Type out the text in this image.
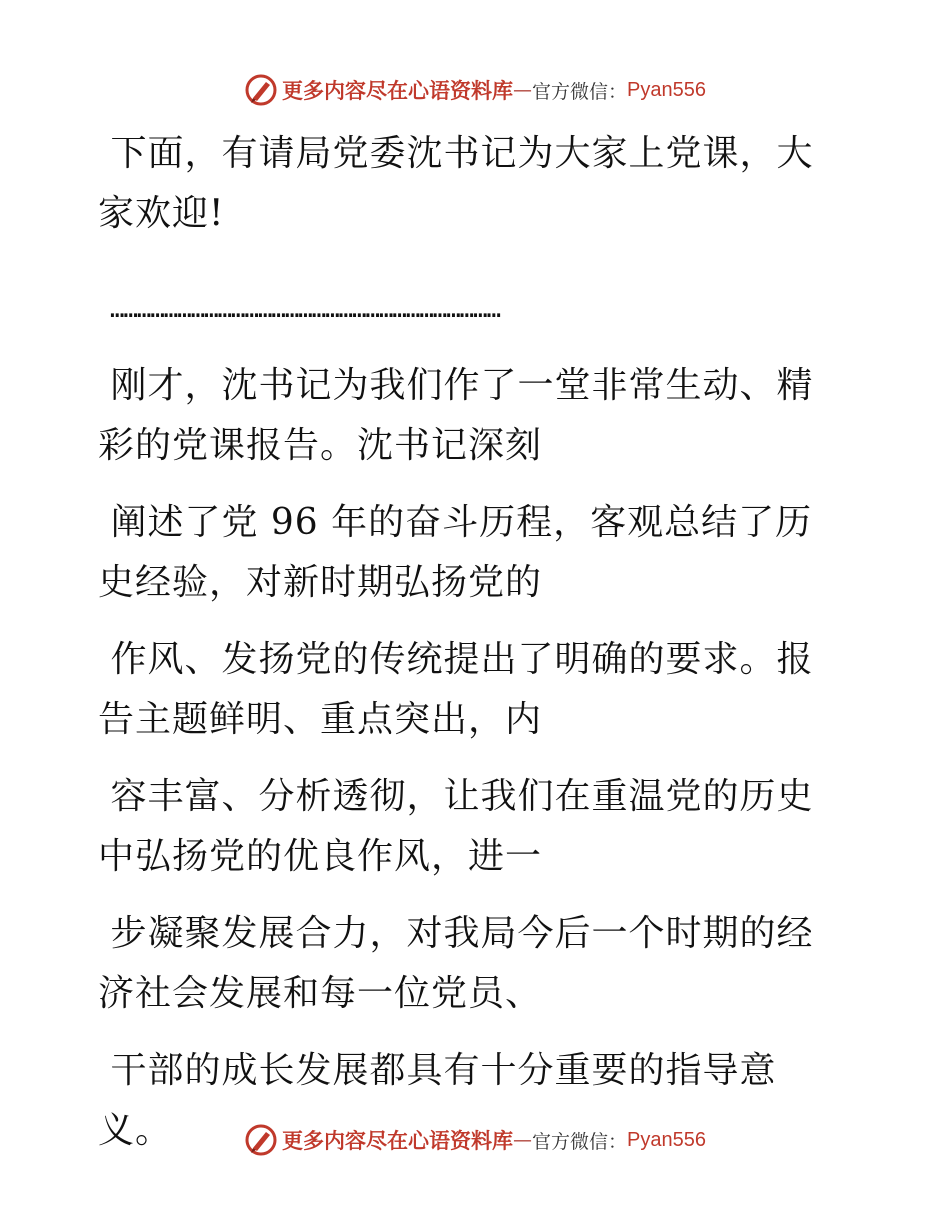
更多内容尽在心语资料库 — 官方微信： Pyan556

下面，有请局党委沈书记为大家上党课，大家欢迎!

……………………………………………………………………………

刚才，沈书记为我们作了一堂非常生动、精彩的党课报告。沈书记深刻

阐述了党 96 年的奋斗历程，客观总结了历史经验，对新时期弘扬党的

作风、发扬党的传统提出了明确的要求。报告主题鲜明、重点突出，内

容丰富、分析透彻，让我们在重温党的历史中弘扬党的优良作风，进一

步凝聚发展合力，对我局今后一个时期的经济社会发展和每一位党员、

干部的成长发展都具有十分重要的指导意义。	更多内容尽在心语资料库 — 官方微信： Pyan556
